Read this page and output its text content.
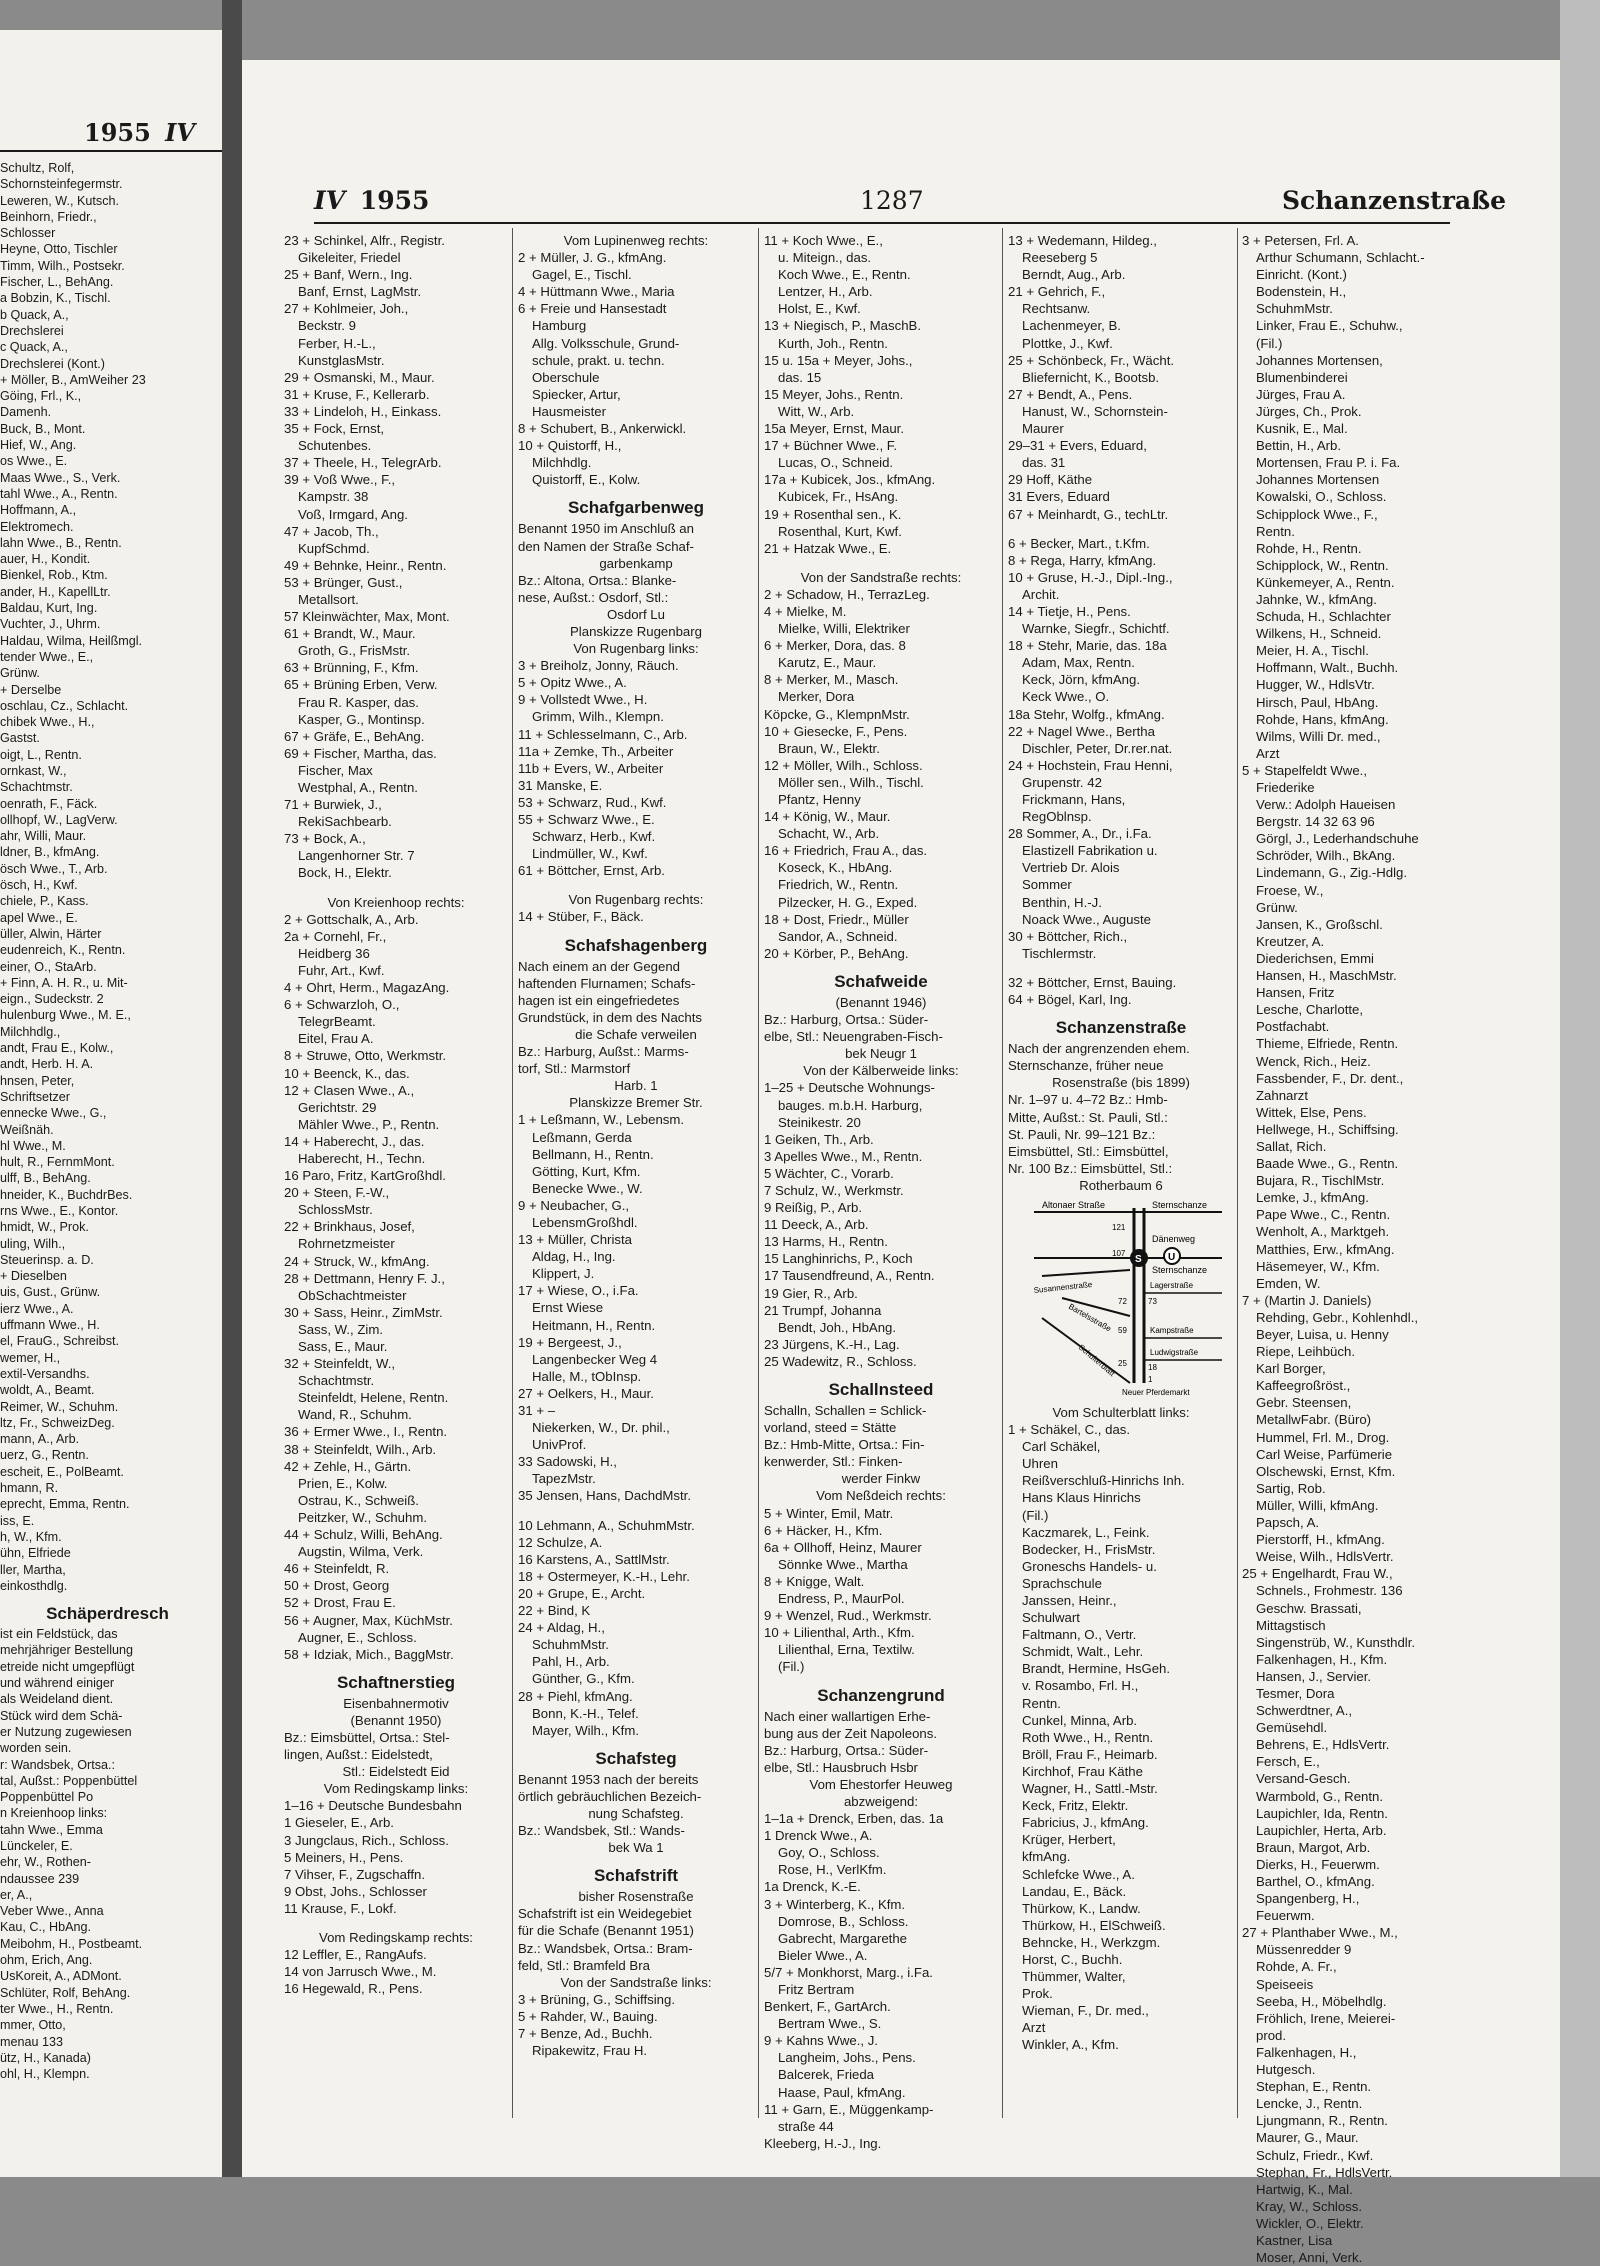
1955 IV
Schultz, Rolf,
Schornsteinfegermstr.
Leweren, W., Kutsch.
Beinhorn, Friedr.,
Schlosser
Heyne, Otto, Tischler
Timm, Wilh., Postsekr.
Fischer, L., BehAng.
a Bobzin, K., Tischl.
b Quack, A.,
Drechslerei
c Quack, A.,
Drechslerei (Kont.)
+ Möller, B., AmWeiher 23
Göing, Frl., K.,
Damenh.
Buck, B., Mont.
Hief, W., Ang.
os Wwe., E.
Maas Wwe., S., Verk.
tahl Wwe., A., Rentn.
Hoffmann, A.,
Elektromech.
lahn Wwe., B., Rentn.
auer, H., Kondit.
Bienkel, Rob., Ktm.
ander, H., KapellLtr.
Baldau, Kurt, Ing.
Vuchter, J., Uhrm.
Haldau, Wilma, Heilßmgl.
tender Wwe., E.,
Grünw.
+ Derselbe
oschlau, Cz., Schlacht.
chibek Wwe., H.,
Gastst.
oigt, L., Rentn.
ornkast, W.,
Schachtmstr.
oenrath, F., Fäck.
ollhopf, W., LagVerw.
ahr, Willi, Maur.
ldner, B., kfmAng.
ösch Wwe., T., Arb.
ösch, H., Kwf.
chiele, P., Kass.
apel Wwe., E.
üller, Alwin, Härter
eudenreich, K., Rentn.
einer, O., StaArb.
+ Finn, A. H. R., u. Mit-
eign., Sudeckstr. 2
hulenburg Wwe., M. E.,
Milchhdlg.,
andt, Frau E., Kolw.,
andt, Herb. H. A.
hnsen, Peter,
Schriftsetzer
ennecke Wwe., G.,
Weißnäh.
hl Wwe., M.
hult, R., FernmMont.
ulff, B., BehAng.
hneider, K., BuchdrBes.
rns Wwe., E., Kontor.
hmidt, W., Prok.
uling, Wilh.,
Steuerinsp. a. D.
+ Dieselben
uis, Gust., Grünw.
ierz Wwe., A.
uffmann Wwe., H.
el, FrauG., Schreibst.
wemer, H.,
extil-Versandhs.
woldt, A., Beamt.
Reimer, W., Schuhm.
ltz, Fr., SchweizDeg.
mann, A., Arb.
uerz, G., Rentn.
escheit, E., PolBeamt.
hmann, R.
eprecht, Emma, Rentn.
iss, E.
h, W., Kfm.
ühn, Elfriede
ller, Martha,
einkosthdlg.
Schäperdresch
ist ein Feldstück, das
mehrjähriger Bestellung
etreide nicht umgepflügt
und während einiger
als Weideland dient.
Stück wird dem Schä-
er Nutzung zugewiesen
worden sein.
r: Wandsbek, Ortsa.:
tal, Außst.: Poppenbüttel
Poppenbüttel Po
n Kreienhoop links:
tahn Wwe., Emma
Lünckeler, E.
ehr, W., Rothen-
ndaussee 239
er, A.,
Veber Wwe., Anna
Kau, C., HbAng.
Meibohm, H., Postbeamt.
ohm, Erich, Ang.
UsKoreit, A., ADMont.
Schlüter, Rolf, BehAng.
ter Wwe., H., Rentn.
mmer, Otto,
menau 133
ütz, H., Kanada)
ohl, H., Klempn.
IV 1955	1287	Schanzenstraße
23 + Schinkel, Alfr., Registr.
Gikeleiter, Friedel
25 + Banf, Wern., Ing.
Banf, Ernst, LagMstr.
27 + Kohlmeier, Joh.,
Beckstr. 9
Ferber, H.-L.,
KunstglasMstr.
29 + Osmanski, M., Maur.
31 + Kruse, F., Kellerarb.
33 + Lindeloh, H., Einkass.
35 + Fock, Ernst,
Schutenbes.
37 + Theele, H., TelegrArb.
39 + Voß Wwe., F.,
Kampstr. 38
Voß, Irmgard, Ang.
47 + Jacob, Th.,
KupfSchmd.
49 + Behnke, Heinr., Rentn.
53 + Brünger, Gust.,
Metallsort.
57 Kleinwächter, Max, Mont.
61 + Brandt, W., Maur.
Groth, G., FrisMstr.
63 + Brünning, F., Kfm.
65 + Brüning Erben, Verw.
Frau R. Kasper, das.
Kasper, G., Montinsp.
67 + Gräfe, E., BehAng.
69 + Fischer, Martha, das.
Fischer, Max
Westphal, A., Rentn.
71 + Burwiek, J.,
RekiSachbearb.
73 + Bock, A.,
Langenhorner Str. 7
Bock, H., Elektr.
Von Kreienhoop rechts:
2 + Gottschalk, A., Arb.
2a + Cornehl, Fr.,
Heidberg 36
Fuhr, Art., Kwf.
4 + Ohrt, Herm., MagazAng.
6 + Schwarzloh, O.,
TelegrBeamt.
Eitel, Frau A.
8 + Struwe, Otto, Werkmstr.
10 + Beenck, K., das.
12 + Clasen Wwe., A.,
Gerichtstr. 29
Mähler Wwe., P., Rentn.
14 + Haberecht, J., das.
Haberecht, H., Techn.
16 Paro, Fritz, KartGroßhdl.
20 + Steen, F.-W.,
SchlossMstr.
22 + Brinkhaus, Josef,
Rohrnetzmeister
24 + Struck, W., kfmAng.
28 + Dettmann, Henry F. J.,
ObSchachtmeister
30 + Sass, Heinr., ZimMstr.
Sass, W., Zim.
Sass, E., Maur.
32 + Steinfeldt, W.,
Schachtmstr.
Steinfeldt, Helene, Rentn.
Wand, R., Schuhm.
36 + Ermer Wwe., I., Rentn.
38 + Steinfeldt, Wilh., Arb.
42 + Zehle, H., Gärtn.
Prien, E., Kolw.
Ostrau, K., Schweiß.
Peitzker, W., Schuhm.
44 + Schulz, Willi, BehAng.
Augstin, Wilma, Verk.
46 + Steinfeldt, R.
50 + Drost, Georg
52 + Drost, Frau E.
56 + Augner, Max, KüchMstr.
Augner, E., Schloss.
58 + Idziak, Mich., BaggMstr.
Schaftnerstieg
Eisenbahnermotiv
(Benannt 1950)
Bz.: Eimsbüttel, Ortsa.: Stel-
lingen, Außst.: Eidelstedt,
Stl.: Eidelstedt Eid
Vom Redingskamp links:
1–16 + Deutsche Bundesbahn
1 Gieseler, E., Arb.
3 Jungclaus, Rich., Schloss.
5 Meiners, H., Pens.
7 Vihser, F., Zugschaffn.
9 Obst, Johs., Schlosser
11 Krause, F., Lokf.
Vom Redingskamp rechts:
12 Leffler, E., RangAufs.
14 von Jarrusch Wwe., M.
16 Hegewald, R., Pens.
Vom Lupinenweg rechts:
2 + Müller, J. G., kfmAng.
Gagel, E., Tischl.
4 + Hüttmann Wwe., Maria
6 + Freie und Hansestadt
Hamburg
Allg. Volksschule, Grund-
schule, prakt. u. techn.
Oberschule
Spiecker, Artur,
Hausmeister
8 + Schubert, B., Ankerwickl.
10 + Quistorff, H.,
Milchhdlg.
Quistorff, E., Kolw.
Schafgarbenweg
Benannt 1950 im Anschluß an
den Namen der Straße Schaf-
garbenkamp
Bz.: Altona, Ortsa.: Blanke-
nese, Außst.: Osdorf, Stl.:
Osdorf Lu
Planskizze Rugenbarg
Von Rugenbarg links:
3 + Breiholz, Jonny, Räuch.
5 + Opitz Wwe., A.
9 + Vollstedt Wwe., H.
Grimm, Wilh., Klempn.
11 + Schlesselmann, C., Arb.
11a + Zemke, Th., Arbeiter
11b + Evers, W., Arbeiter
31 Manske, E.
53 + Schwarz, Rud., Kwf.
55 + Schwarz Wwe., E.
Schwarz, Herb., Kwf.
Lindmüller, W., Kwf.
61 + Böttcher, Ernst, Arb.
Von Rugenbarg rechts:
14 + Stüber, F., Bäck.
Schafshagenberg
Nach einem an der Gegend
haftenden Flurnamen; Schafs-
hagen ist ein eingefriedetes
Grundstück, in dem des Nachts
die Schafe verweilen
Bz.: Harburg, Außst.: Marms-
torf, Stl.: Marmstorf
Harb. 1
Planskizze Bremer Str.
1 + Leßmann, W., Lebensm.
Leßmann, Gerda
Bellmann, H., Rentn.
Götting, Kurt, Kfm.
Benecke Wwe., W.
9 + Neubacher, G.,
LebensmGroßhdl.
13 + Müller, Christa
Aldag, H., Ing.
Klippert, J.
17 + Wiese, O., i.Fa.
Ernst Wiese
Heitmann, H., Rentn.
19 + Bergeest, J.,
Langenbecker Weg 4
Halle, M., tObInsp.
27 + Oelkers, H., Maur.
31 + –
Niekerken, W., Dr. phil.,
UnivProf.
33 Sadowski, H.,
TapezMstr.
35 Jensen, Hans, DachdMstr.
10 Lehmann, A., SchuhmMstr.
12 Schulze, A.
16 Karstens, A., SattlMstr.
18 + Ostermeyer, K.-H., Lehr.
20 + Grupe, E., Archt.
22 + Bind, K
24 + Aldag, H.,
SchuhmMstr.
Pahl, H., Arb.
Günther, G., Kfm.
28 + Piehl, kfmAng.
Bonn, K.-H., Telef.
Mayer, Wilh., Kfm.
Schafsteg
Benannt 1953 nach der bereits
örtlich gebräuchlichen Bezeich-
nung Schafsteg.
Bz.: Wandsbek, Stl.: Wands-
bek Wa 1
Schafstrift
bisher Rosenstraße
Schafstrift ist ein Weidegebiet
für die Schafe (Benannt 1951)
Bz.: Wandsbek, Ortsa.: Bram-
feld, Stl.: Bramfeld Bra
Von der Sandstraße links:
3 + Brüning, G., Schiffsing.
5 + Rahder, W., Bauing.
7 + Benze, Ad., Buchh.
Ripakewitz, Frau H.
11 + Koch Wwe., E.,
u. Miteign., das.
Koch Wwe., E., Rentn.
Lentzer, H., Arb.
Holst, E., Kwf.
13 + Niegisch, P., MaschB.
Kurth, Joh., Rentn.
15 u. 15a + Meyer, Johs.,
das. 15
15 Meyer, Johs., Rentn.
Witt, W., Arb.
15a Meyer, Ernst, Maur.
17 + Büchner Wwe., F.
Lucas, O., Schneid.
17a + Kubicek, Jos., kfmAng.
Kubicek, Fr., HsAng.
19 + Rosenthal sen., K.
Rosenthal, Kurt, Kwf.
21 + Hatzak Wwe., E.
Von der Sandstraße rechts:
2 + Schadow, H., TerrazLeg.
4 + Mielke, M.
Mielke, Willi, Elektriker
6 + Merker, Dora, das. 8
Karutz, E., Maur.
8 + Merker, M., Masch.
Merker, Dora
Köpcke, G., KlempnMstr.
10 + Giesecke, F., Pens.
Braun, W., Elektr.
12 + Möller, Wilh., Schloss.
Möller sen., Wilh., Tischl.
Pfantz, Henny
14 + König, W., Maur.
Schacht, W., Arb.
16 + Friedrich, Frau A., das.
Koseck, K., HbAng.
Friedrich, W., Rentn.
Pilzecker, H. G., Exped.
18 + Dost, Friedr., Müller
Sandor, A., Schneid.
20 + Körber, P., BehAng.
Schafweide
(Benannt 1946)
Bz.: Harburg, Ortsa.: Süder-
elbe, Stl.: Neuengraben-Fisch-
bek Neugr 1
Von der Kälberweide links:
1–25 + Deutsche Wohnungs-
bauges. m.b.H. Harburg,
Steinikestr. 20
1 Geiken, Th., Arb.
3 Apelles Wwe., M., Rentn.
5 Wächter, C., Vorarb.
7 Schulz, W., Werkmstr.
9 Reißig, P., Arb.
11 Deeck, A., Arb.
13 Harms, H., Rentn.
15 Langhinrichs, P., Koch
17 Tausendfreund, A., Rentn.
19 Gier, R., Arb.
21 Trumpf, Johanna
Bendt, Joh., HbAng.
23 Jürgens, K.-H., Lag.
25 Wadewitz, R., Schloss.
Schallnsteed
Schalln, Schallen = Schlick-
vorland, steed = Stätte
Bz.: Hmb-Mitte, Ortsa.: Fin-
kenwerder, Stl.: Finken-
werder Finkw
Vom Neßdeich rechts:
5 + Winter, Emil, Matr.
6 + Häcker, H., Kfm.
6a + Ollhoff, Heinz, Maurer
Sönnke Wwe., Martha
8 + Knigge, Walt.
Endress, P., MaurPol.
9 + Wenzel, Rud., Werkmstr.
10 + Lilienthal, Arth., Kfm.
Lilienthal, Erna, Textilw.
(Fil.)
Schanzengrund
Nach einer wallartigen Erhe-
bung aus der Zeit Napoleons.
Bz.: Harburg, Ortsa.: Süder-
elbe, Stl.: Hausbruch Hsbr
Vom Ehestorfer Heuweg
abzweigend:
1–1a + Drenck, Erben, das. 1a
1 Drenck Wwe., A.
Goy, O., Schloss.
Rose, H., VerlKfm.
1a Drenck, K.-E.
3 + Winterberg, K., Kfm.
Domrose, B., Schloss.
Gabrecht, Margarethe
Bieler Wwe., A.
5/7 + Monkhorst, Marg., i.Fa.
Fritz Bertram
Benkert, F., GartArch.
Bertram Wwe., S.
9 + Kahns Wwe., J.
Langheim, Johs., Pens.
Balcerek, Frieda
Haase, Paul, kfmAng.
11 + Garn, E., Müggenkamp-
straße 44
Kleeberg, H.-J., Ing.
13 + Wedemann, Hildeg.,
Reeseberg 5
Berndt, Aug., Arb.
21 + Gehrich, F.,
Rechtsanw.
Lachenmeyer, B.
Plottke, J., Kwf.
25 + Schönbeck, Fr., Wächt.
Bliefernicht, K., Bootsb.
27 + Bendt, A., Pens.
Hanust, W., Schornstein-
Maurer
29–31 + Evers, Eduard,
das. 31
29 Hoff, Käthe
31 Evers, Eduard
67 + Meinhardt, G., techLtr.
6 + Becker, Mart., t.Kfm.
8 + Rega, Harry, kfmAng.
10 + Gruse, H.-J., Dipl.-Ing.,
Archit.
14 + Tietje, H., Pens.
Warnke, Siegfr., Schichtf.
18 + Stehr, Marie, das. 18a
Adam, Max, Rentn.
Keck, Jörn, kfmAng.
Keck Wwe., O.
18a Stehr, Wolfg., kfmAng.
22 + Nagel Wwe., Bertha
Dischler, Peter, Dr.rer.nat.
24 + Hochstein, Frau Henni,
Grupenstr. 42
Frickmann, Hans,
RegOblnsp.
28 Sommer, A., Dr., i.Fa.
Elastizell Fabrikation u.
Vertrieb Dr. Alois
Sommer
Benthin, H.-J.
Noack Wwe., Auguste
30 + Böttcher, Rich.,
Tischlermstr.
32 + Böttcher, Ernst, Bauing.
64 + Bögel, Karl, Ing.
Schanzenstraße
Nach der angrenzenden ehem.
Sternschanze, früher neue
Rosenstraße (bis 1899)
Nr. 1–97 u. 4–72 Bz.: Hmb-
Mitte, Außst.: St. Pauli, Stl.:
St. Pauli, Nr. 99–121 Bz.:
Eimsbüttel, Stl.: Eimsbüttel,
Nr. 100 Bz.: Eimsbüttel, Stl.:
Rotherbaum 6
Altonaer Straße	Sternschanze
Dänenweg
Sternschanze
Susannenstraße
Bartelsstraße
Lagerstraße
Kampstraße
Ludwigstraße
Schulterblatt
Neuer Pferdemarkt
121
107
73
72
59
25	18
1
S	U
Vom Schulterblatt links:
1 + Schäkel, C., das.
Carl Schäkel,
Uhren
Reißverschluß-Hinrichs Inh.
Hans Klaus Hinrichs
(Fil.)
Kaczmarek, L., Feink.
Bodecker, H., FrisMstr.
Groneschs Handels- u.
Sprachschule
Janssen, Heinr.,
Schulwart
Faltmann, O., Vertr.
Schmidt, Walt., Lehr.
Brandt, Hermine, HsGeh.
v. Rosambo, Frl. H.,
Rentn.
Cunkel, Minna, Arb.
Roth Wwe., H., Rentn.
Bröll, Frau F., Heimarb.
Kirchhof, Frau Käthe
Wagner, H., Sattl.-Mstr.
Keck, Fritz, Elektr.
Fabricius, J., kfmAng.
Krüger, Herbert,
kfmAng.
Schlefcke Wwe., A.
Landau, E., Bäck.
Thürkow, K., Landw.
Thürkow, H., ElSchweiß.
Behncke, H., Werkzgm.
Horst, C., Buchh.
Thümmer, Walter,
Prok.
Wieman, F., Dr. med.,
Arzt
Winkler, A., Kfm.
3 + Petersen, Frl. A.
Arthur Schumann, Schlacht.-
Einricht. (Kont.)
Bodenstein, H.,
SchuhmMstr.
Linker, Frau E., Schuhw.,
(Fil.)
Johannes Mortensen,
Blumenbinderei
Jürges, Frau A.
Jürges, Ch., Prok.
Kusnik, E., Mal.
Bettin, H., Arb.
Mortensen, Frau P. i. Fa.
Johannes Mortensen
Kowalski, O., Schloss.
Schipplock Wwe., F.,
Rentn.
Rohde, H., Rentn.
Schipplock, W., Rentn.
Künkemeyer, A., Rentn.
Jahnke, W., kfmAng.
Schuda, H., Schlachter
Wilkens, H., Schneid.
Meier, H. A., Tischl.
Hoffmann, Walt., Buchh.
Hugger, W., HdlsVtr.
Hirsch, Paul, HbAng.
Rohde, Hans, kfmAng.
Wilms, Willi Dr. med.,
Arzt
5 + Stapelfeldt Wwe.,
Friederike
Verw.: Adolph Haueisen
Bergstr. 14 32 63 96
Görgl, J., Lederhandschuhe
Schröder, Wilh., BkAng.
Lindemann, G., Zig.-Hdlg.
Froese, W.,
Grünw.
Jansen, K., Großschl.
Kreutzer, A.
Diederichsen, Emmi
Hansen, H., MaschMstr.
Hansen, Fritz
Lesche, Charlotte,
Postfachabt.
Thieme, Elfriede, Rentn.
Wenck, Rich., Heiz.
Fassbender, F., Dr. dent.,
Zahnarzt
Wittek, Else, Pens.
Hellwege, H., Schiffsing.
Sallat, Rich.
Baade Wwe., G., Rentn.
Bujara, R., TischlMstr.
Lemke, J., kfmAng.
Pape Wwe., C., Rentn.
Wenholt, A., Marktgeh.
Matthies, Erw., kfmAng.
Häsemeyer, W., Kfm.
Emden, W.
7 + (Martin J. Daniels)
Rehding, Gebr., Kohlenhdl.,
Beyer, Luisa, u. Henny
Riepe, Leihbüch.
Karl Borger,
Kaffeegroßröst.,
Gebr. Steensen,
MetallwFabr. (Büro)
Hummel, Frl. M., Drog.
Carl Weise, Parfümerie
Olschewski, Ernst, Kfm.
Sartig, Rob.
Müller, Willi, kfmAng.
Papsch, A.
Pierstorff, H., kfmAng.
Weise, Wilh., HdlsVertr.
25 + Engelhardt, Frau W.,
Schnels., Frohmestr. 136
Geschw. Brassati,
Mittagstisch
Singenstrüb, W., Kunsthdlr.
Falkenhagen, H., Kfm.
Hansen, J., Servier.
Tesmer, Dora
Schwerdtner, A.,
Gemüsehdl.
Behrens, E., HdlsVertr.
Fersch, E.,
Versand-Gesch.
Warmbold, G., Rentn.
Laupichler, Ida, Rentn.
Laupichler, Herta, Arb.
Braun, Margot, Arb.
Dierks, H., Feuerwm.
Barthel, O., kfmAng.
Spangenberg, H.,
Feuerwm.
27 + Planthaber Wwe., M.,
Müssenredder 9
Rohde, A. Fr.,
Speiseeis
Seeba, H., Möbelhdlg.
Fröhlich, Irene, Meierei-
prod.
Falkenhagen, H.,
Hutgesch.
Stephan, E., Rentn.
Lencke, J., Rentn.
Ljungmann, R., Rentn.
Maurer, G., Maur.
Schulz, Friedr., Kwf.
Stephan, Fr., HdlsVertr.
Hartwig, K., Mal.
Kray, W., Schloss.
Wickler, O., Elektr.
Kastner, Lisa
Moser, Anni, Verk.
